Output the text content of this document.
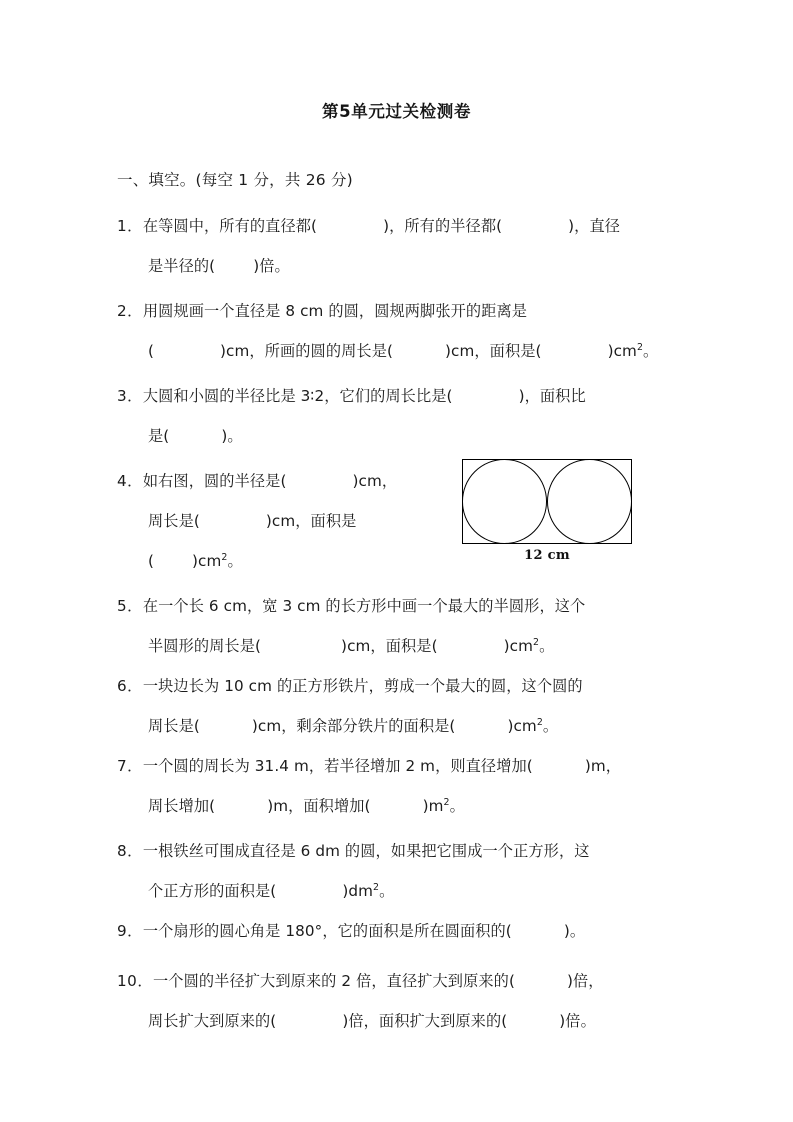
第5单元过关检测卷
一、填空。(每空 1 分，共 26 分)
1．在等圆中，所有的直径都(	)，所有的半径都(	)，直径
是半径的(	)倍。
2．用圆规画一个直径是 8 cm 的圆，圆规两脚张开的距离是
(	)cm，所画的圆的周长是(	)cm，面积是(	)$cm^2$。
3．大圆和小圆的半径比是 3∶2，它们的周长比是(	)，面积比
是(	)。
4．如右图，圆的半径是(	)cm，
周长是(	)cm，面积是
(	)$cm^2$。
5．在一个长 6 cm，宽 3 cm 的长方形中画一个最大的半圆形，这个
半圆形的周长是(	)cm，面积是(	)$cm^2$。
6．一块边长为 10 cm 的正方形铁片，剪成一个最大的圆，这个圆的
周长是(	)cm，剩余部分铁片的面积是(	)$cm^2$。
7．一个圆的周长为 31.4 m，若半径增加 2 m，则直径增加(	)m，
周长增加(	)m，面积增加(	)$m^2$。
8．一根铁丝可围成直径是 6 dm 的圆，如果把它围成一个正方形，这
个正方形的面积是(	)$dm^2$。
9．一个扇形的圆心角是 180°，它的面积是所在圆面积的(	)。
10．一个圆的半径扩大到原来的 2 倍，直径扩大到原来的(	)倍，
周长扩大到原来的(	)倍，面积扩大到原来的(	)倍。
12 cm
